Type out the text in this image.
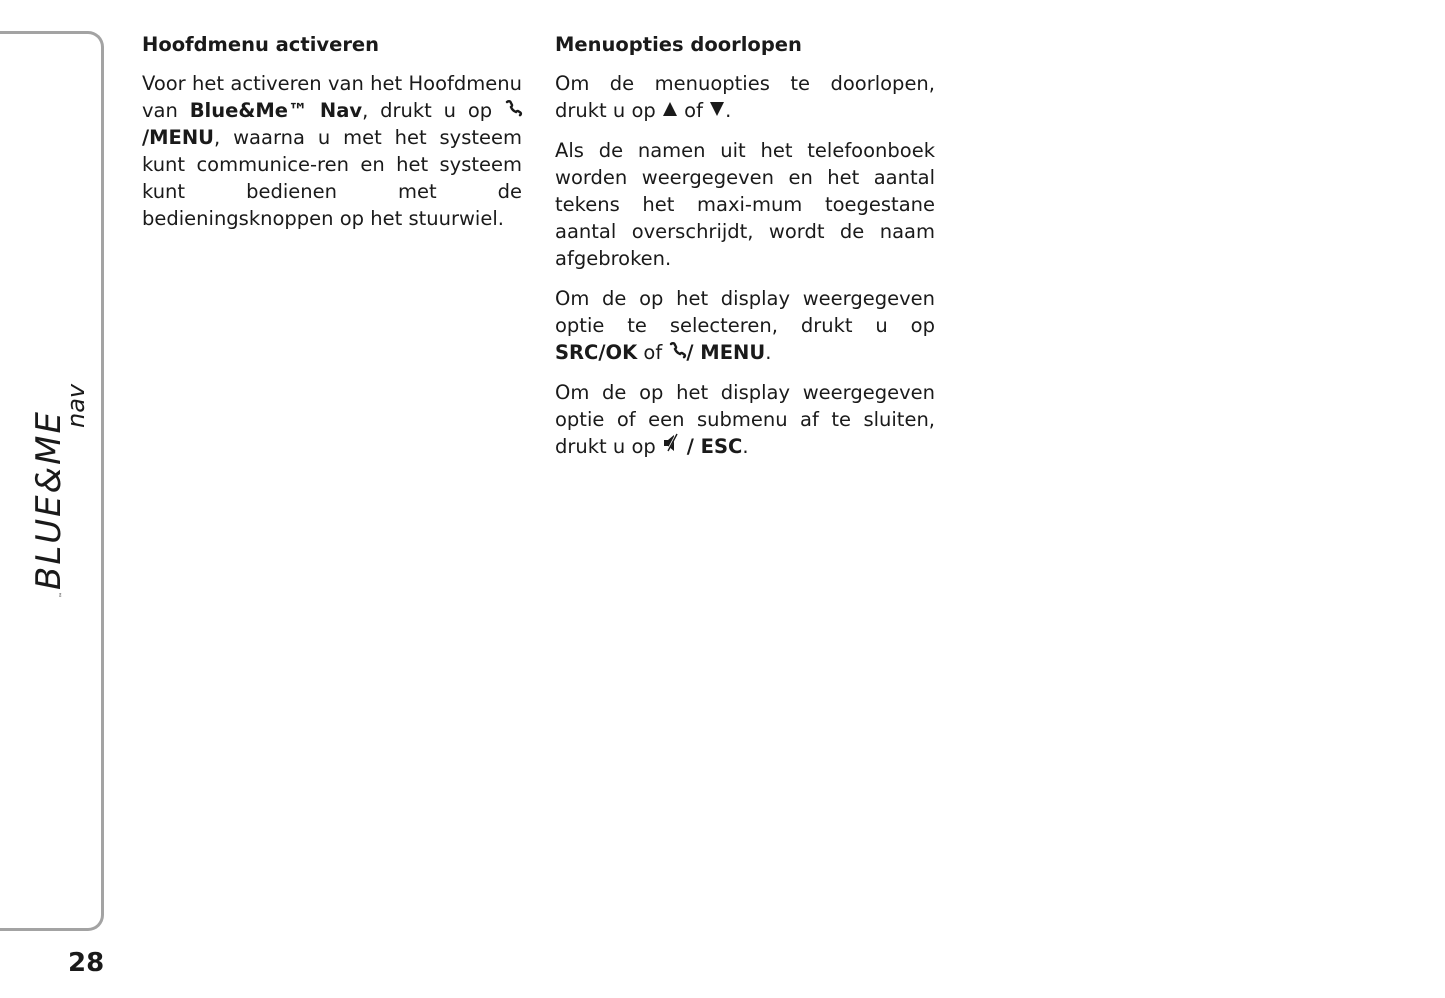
BLUE&ME
nav
™
28
Hoofdmenu activeren

Voor het activeren van het Hoofdmenu van Blue&Me™ Nav, drukt u op
/MENU, waarna u met het systeem kunt communice-ren en het systeem kunt bedienen met de bedieningsknoppen op het stuurwiel.

Menuopties doorlopen

Om de menuopties te doorlopen, drukt u op
of
.

Als de namen uit het telefoonboek worden weergegeven en het aantal tekens het maxi-mum toegestane aantal overschrijdt, wordt de naam afgebroken.

Om de op het display weergegeven optie te selecteren, drukt u op SRC/OK of
/ MENU.

Om de op het display weergegeven optie of een submenu af te sluiten, drukt u op
/ ESC.
